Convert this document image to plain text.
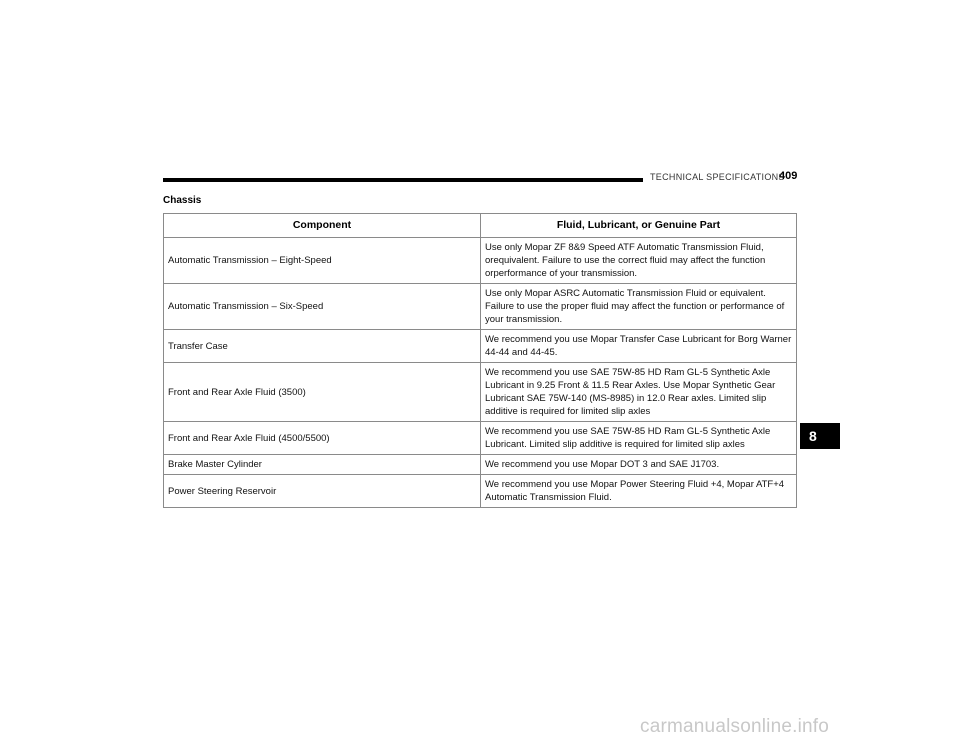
TECHNICAL SPECIFICATIONS
409
Chassis
Component	Fluid, Lubricant, or Genuine Part
Automatic Transmission – Eight-Speed	Use only Mopar ZF 8&9 Speed ATF Automatic Transmission Fluid, orequivalent. Failure to use the correct fluid may affect the function orperformance of your transmission.
Automatic Transmission – Six-Speed	Use only Mopar ASRC Automatic Transmission Fluid or equivalent. Failure to use the proper fluid may affect the function or performance of your transmission.
Transfer Case	We recommend you use Mopar Transfer Case Lubricant for Borg Warner 44-44 and 44-45.
Front and Rear Axle Fluid (3500)	We recommend you use SAE 75W-85 HD Ram GL-5 Synthetic Axle Lubricant in 9.25 Front & 11.5 Rear Axles. Use Mopar Synthetic Gear Lubricant SAE 75W-140 (MS-8985) in 12.0 Rear axles. Limited slip additive is required for limited slip axles
Front and Rear Axle Fluid (4500/5500)	We recommend you use SAE 75W-85 HD Ram GL-5 Synthetic Axle Lubricant. Limited slip additive is required for limited slip axles
Brake Master Cylinder	We recommend you use Mopar DOT 3 and SAE J1703.
Power Steering Reservoir	We recommend you use Mopar Power Steering Fluid +4, Mopar ATF+4 Automatic Transmission Fluid.
8
carmanualsonline.info
